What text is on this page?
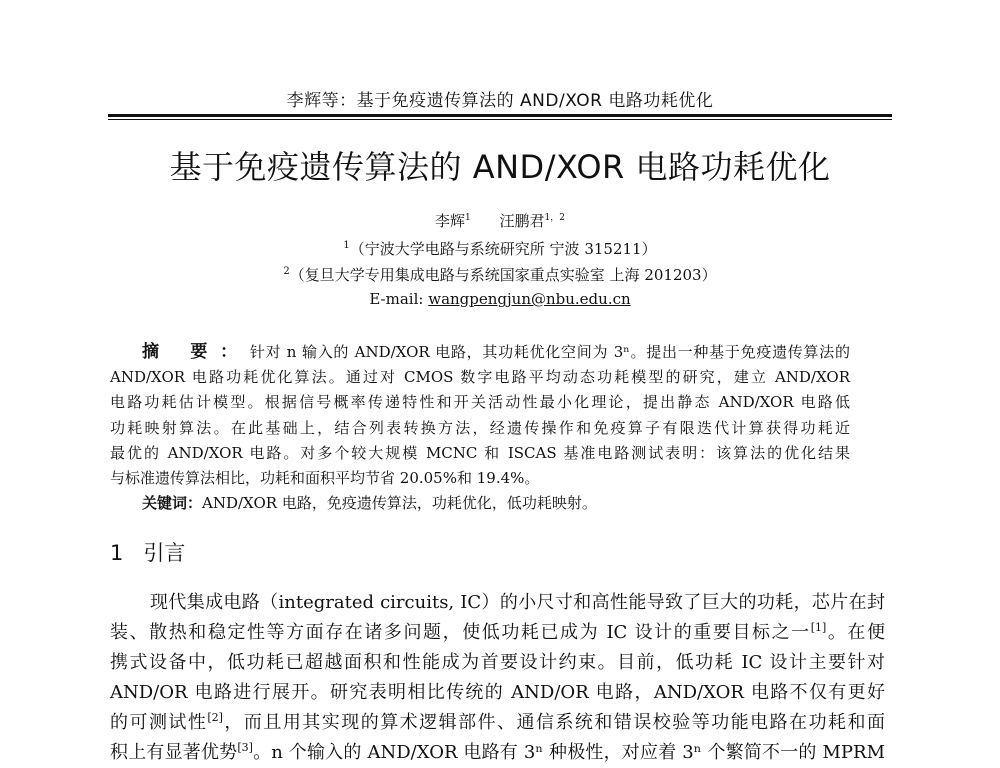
李辉等：基于免疫遗传算法的 AND/XOR 电路功耗优化
基于免疫遗传算法的 AND/XOR 电路功耗优化
李辉$^1$ 汪鹏君$^{1,2}$
$^1$（宁波大学电路与系统研究所 宁波 315211）
$^2$（复旦大学专用集成电路与系统国家重点实验室 上海 201203）
E-mail: wangpengjun@nbu.edu.cn
摘 要：针对 n 输入的 AND/XOR 电路，其功耗优化空间为 3ⁿ。提出一种基于免疫遗传算法的
AND/XOR 电路功耗优化算法。通过对 CMOS 数字电路平均动态功耗模型的研究，建立 AND/XOR
电路功耗估计模型。根据信号概率传递特性和开关活动性最小化理论，提出静态 AND/XOR 电路低
功耗映射算法。在此基础上，结合列表转换方法，经遗传操作和免疫算子有限迭代计算获得功耗近
最优的 AND/XOR 电路。对多个较大规模 MCNC 和 ISCAS 基准电路测试表明：该算法的优化结果
与标准遗传算法相比，功耗和面积平均节省 20.05%和 19.4%。
关键词：AND/XOR 电路，免疫遗传算法，功耗优化，低功耗映射。
1 引言
现代集成电路（integrated circuits, IC）的小尺寸和高性能导致了巨大的功耗，芯片在封
装、散热和稳定性等方面存在诸多问题，使低功耗已成为 IC 设计的重要目标之一[1]。在便
携式设备中，低功耗已超越面积和性能成为首要设计约束。目前，低功耗 IC 设计主要针对
AND/OR 电路进行展开。研究表明相比传统的 AND/OR 电路，AND/XOR 电路不仅有更好
的可测试性[2]，而且用其实现的算术逻辑部件、通信系统和错误校验等功能电路在功耗和面
积上有显著优势[3]。n 个输入的 AND/XOR 电路有 3ⁿ 种极性，对应着 3ⁿ 个繁简不一的 MPRM
